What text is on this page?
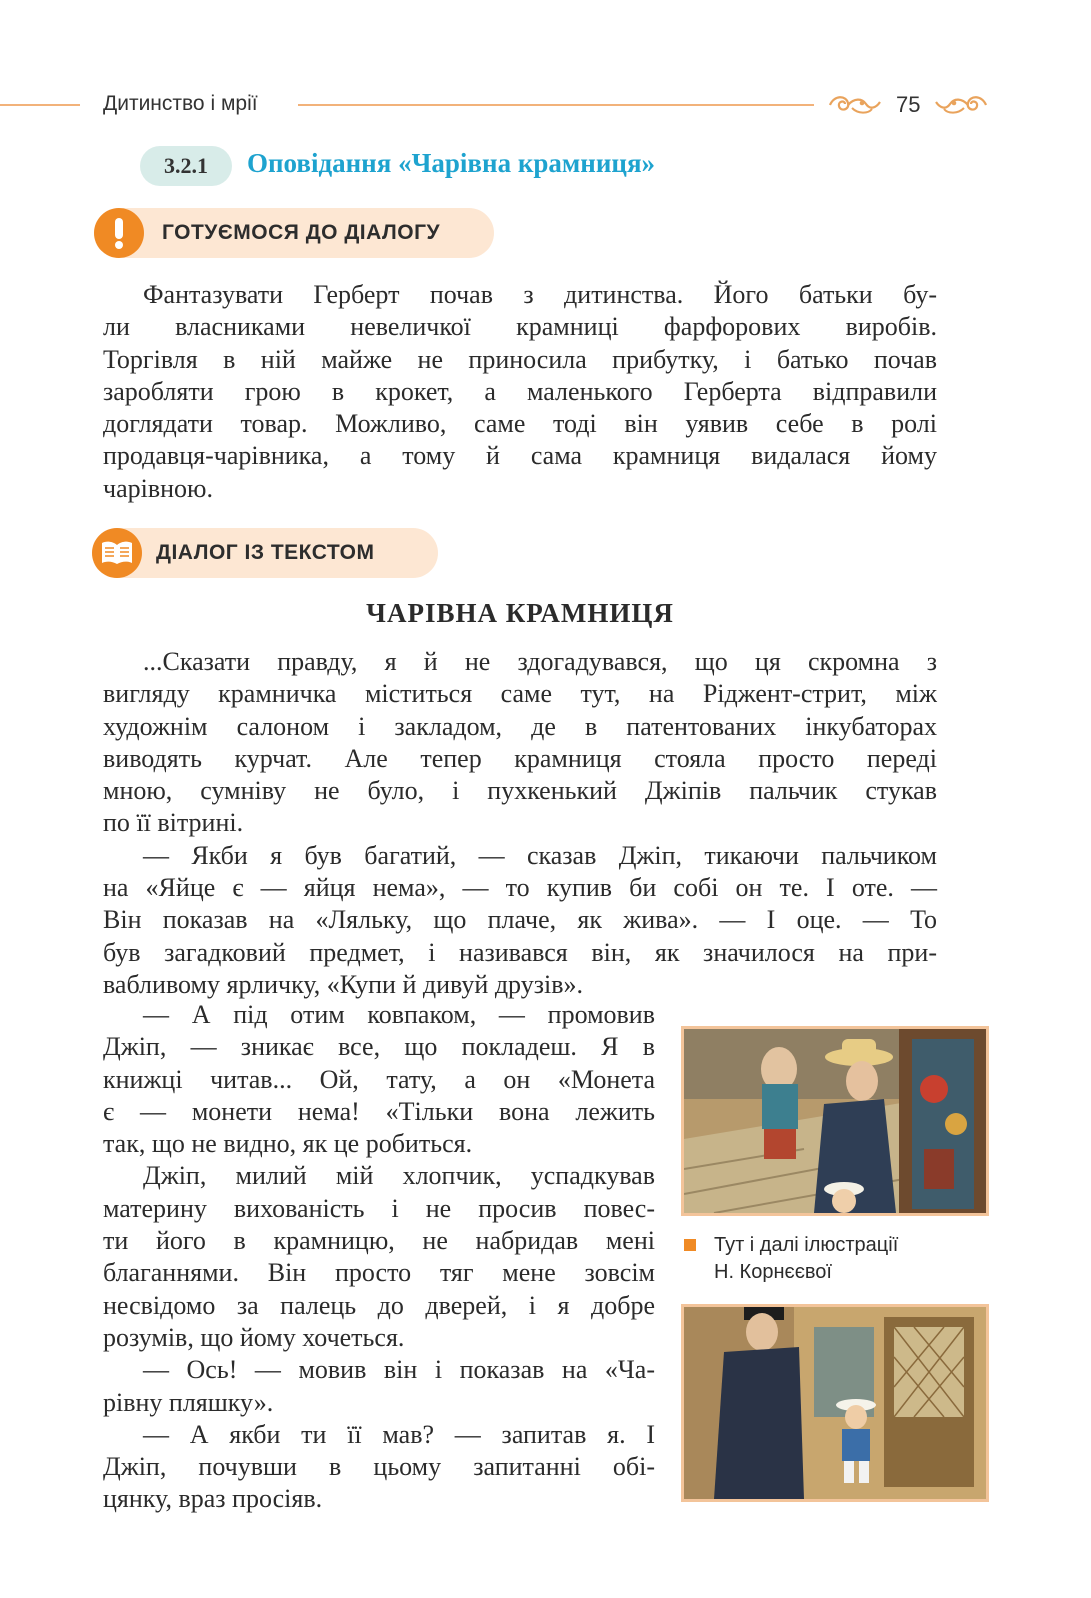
Дитинство і мрії	75
3.2.1	Оповідання «Чарівна крамниця»
ГОТУЄМОСЯ ДО ДІАЛОГУ
Фантазувати Герберт почав з дитинства. Його батьки бу-
ли власниками невеличкої крамниці фарфорових виробів.
Торгівля в ній майже не приносила прибутку, і батько почав
заробляти грою в крокет, а маленького Герберта відправили
доглядати товар. Можливо, саме тоді він уявив себе в ролі
продавця-чарівника, а тому й сама крамниця видалася йому
чарівною.
ДІАЛОГ ІЗ ТЕКСТОМ
ЧАРІВНА КРАМНИЦЯ
...Сказати правду, я й не здогадувався, що ця скромна з
вигляду крамничка міститься саме тут, на Ріджент-стрит, між
художнім салоном і закладом, де в патентованих інкубаторах
виводять курчат. Але тепер крамниця стояла просто переді
мною, сумніву не було, і пухкенький Джіпів пальчик стукав
по її вітрині.
— Якби я був багатий, — сказав Джіп, тикаючи пальчиком
на «Яйце є — яйця нема», — то купив би собі он те. І оте. —
Він показав на «Ляльку, що плаче, як жива». — І оце. — То
був загадковий предмет, і називався він, як значилося на при-
вабливому ярличку, «Купи й дивуй друзів».
— А під отим ковпаком, — промовив
Джіп, — зникає все, що покладеш. Я в
книжці читав... Ой, тату, а он «Монета
є — монети нема! «Тільки вона лежить
так, що не видно, як це робиться.
Джіп, милий мій хлопчик, успадкував
материну вихованість і не просив повес-
ти його в крамницю, не набридав мені
благаннями. Він просто тяг мене зовсім
несвідомо за палець до дверей, і я добре
розумів, що йому хочеться.
— Ось! — мовив він і показав на «Ча-
рівну пляшку».
— А якби ти її мав? — запитав я. І
Джіп, почувши в цьому запитанні обі-
цянку, враз просіяв.
Тут і далі ілюстрації
Н. Корнєєвої
